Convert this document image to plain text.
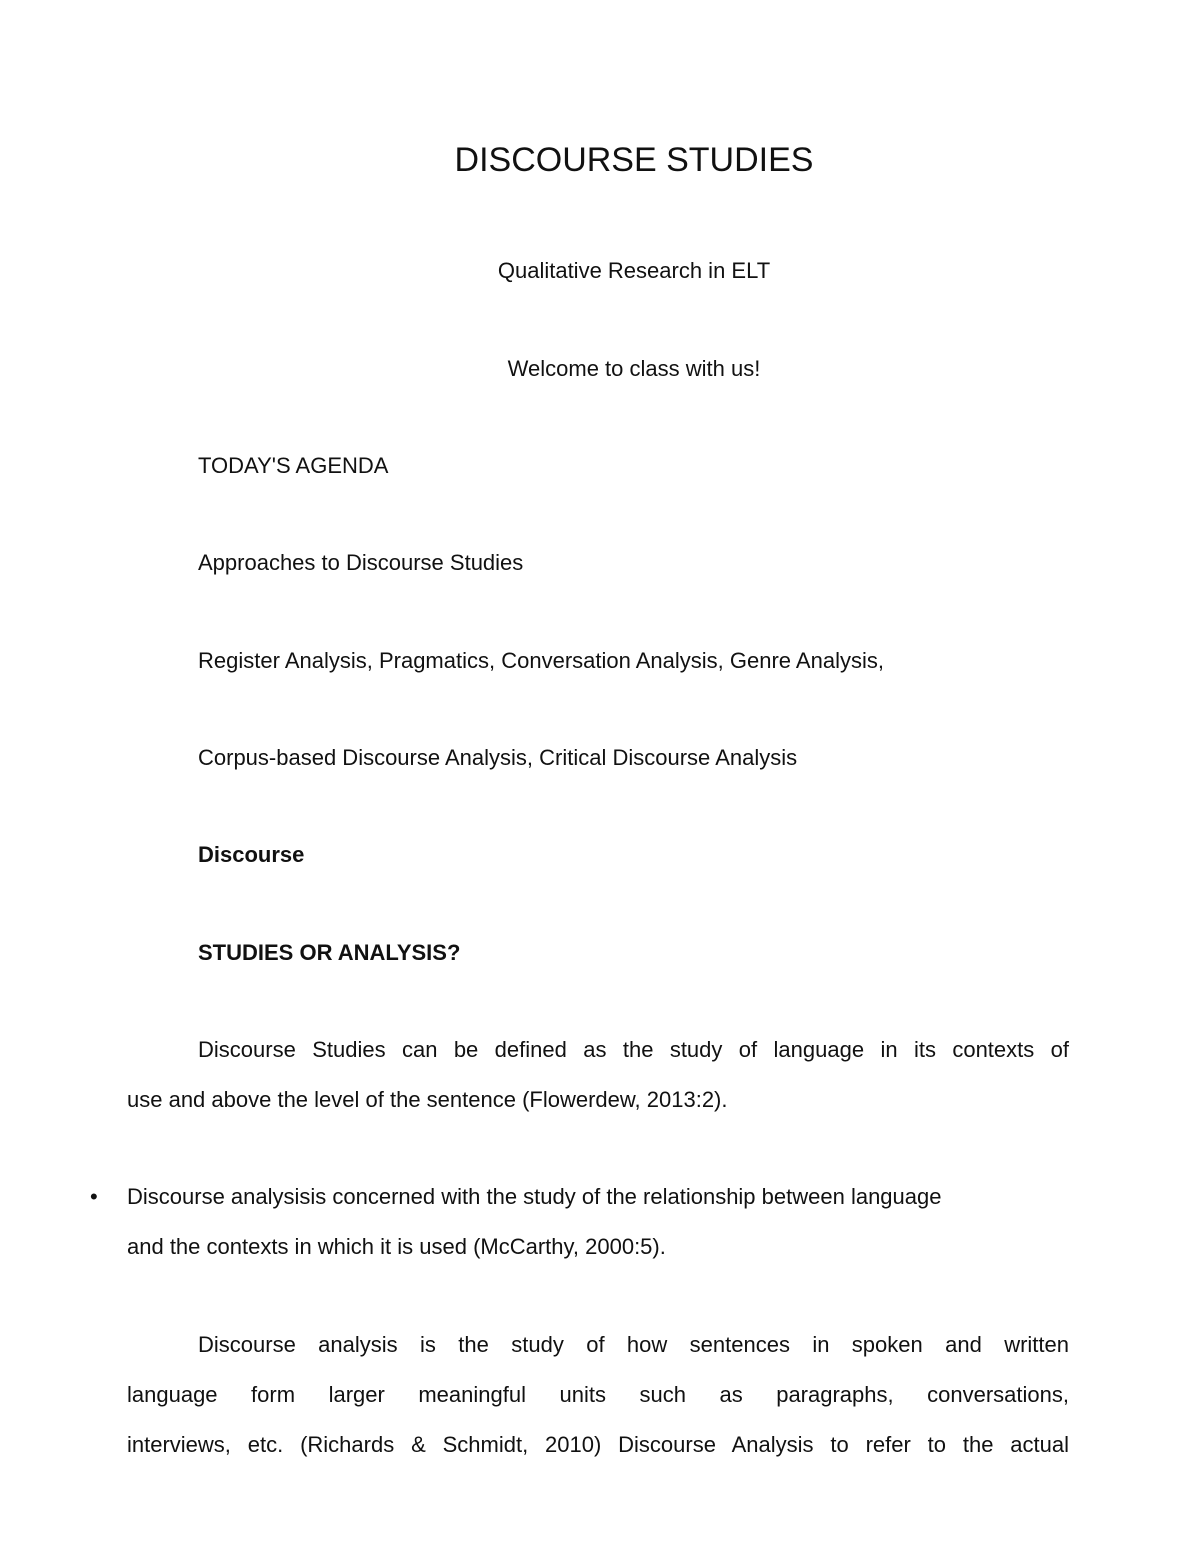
DISCOURSE STUDIES
Qualitative Research in ELT
Welcome to class with us!
TODAY'S AGENDA
Approaches to Discourse Studies
Register Analysis, Pragmatics, Conversation Analysis, Genre Analysis,
Corpus-based Discourse Analysis, Critical Discourse Analysis
Discourse
STUDIES OR ANALYSIS?
Discourse Studies can be defined as the study of language in its contexts of
use and above the level of the sentence (Flowerdew, 2013:2).
• Discourse analysisis concerned with the study of the relationship between language
and the contexts in which it is used (McCarthy, 2000:5).
Discourse analysis is the study of how sentences in spoken and written
language form larger meaningful units such as paragraphs, conversations,
interviews, etc. (Richards & Schmidt, 2010) Discourse Analysis to refer to the actual
